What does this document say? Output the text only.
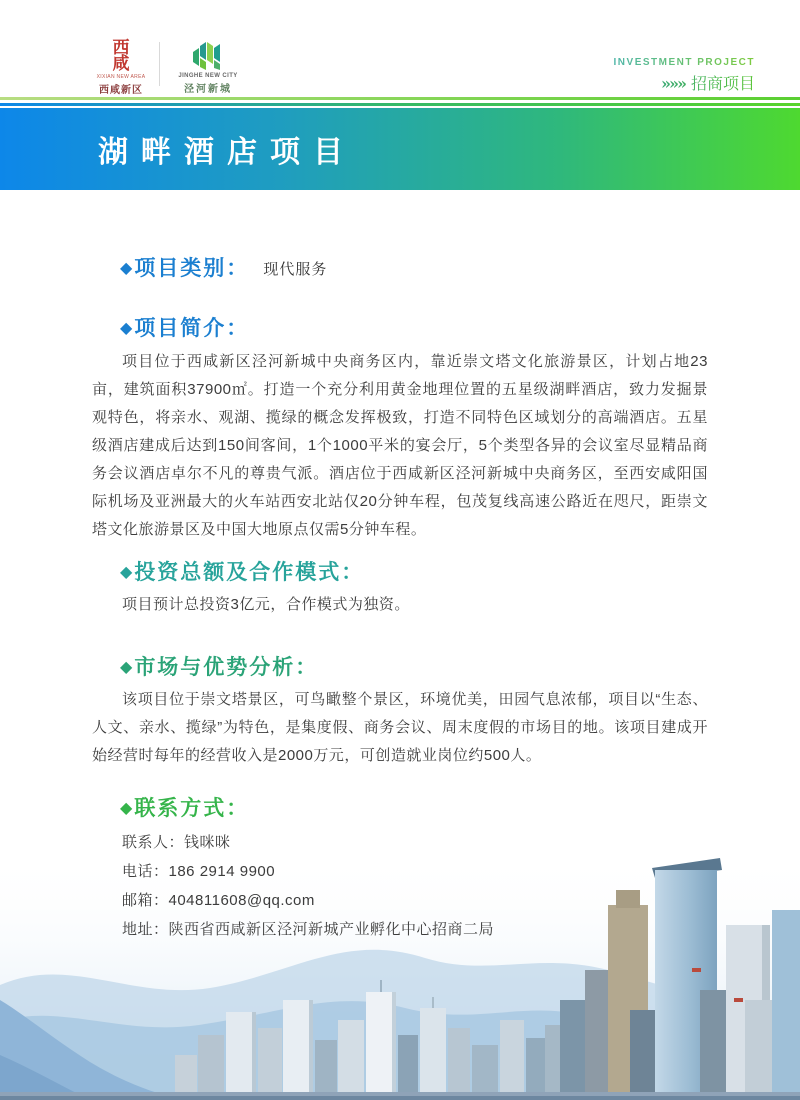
西
咸
XIXIAN NEW AREA
西咸新区
JINGHE NEW CITY
泾河新城
INVESTMENT PROJECT
»»» 招商项目
湖畔酒店项目
◆ 项目类别： 现代服务
◆ 项目简介：

项目位于西咸新区泾河新城中央商务区内，靠近崇文塔文化旅游景区，计划占地23亩，建筑面积37900㎡。打造一个充分利用黄金地理位置的五星级湖畔酒店，致力发掘景观特色，将亲水、观湖、揽绿的概念发挥极致，打造不同特色区域划分的高端酒店。五星级酒店建成后达到150间客间，1个1000平米的宴会厅，5个类型各异的会议室尽显精品商务会议酒店卓尔不凡的尊贵气派。酒店位于西咸新区泾河新城中央商务区，至西安咸阳国际机场及亚洲最大的火车站西安北站仅20分钟车程，包茂复线高速公路近在咫尺，距崇文塔文化旅游景区及中国大地原点仅需5分钟车程。

◆ 投资总额及合作模式：

项目预计总投资3亿元，合作模式为独资。

◆ 市场与优势分析：

该项目位于崇文塔景区，可鸟瞰整个景区，环境优美，田园气息浓郁，项目以“生态、人文、亲水、揽绿”为特色，是集度假、商务会议、周末度假的市场目的地。该项目建成开始经营时每年的经营收入是2000万元，可创造就业岗位约500人。

◆ 联系方式：
联系人：钱咪咪
电话：186 2914 9900
邮箱：404811608@qq.com
地址：陕西省西咸新区泾河新城产业孵化中心招商二局
